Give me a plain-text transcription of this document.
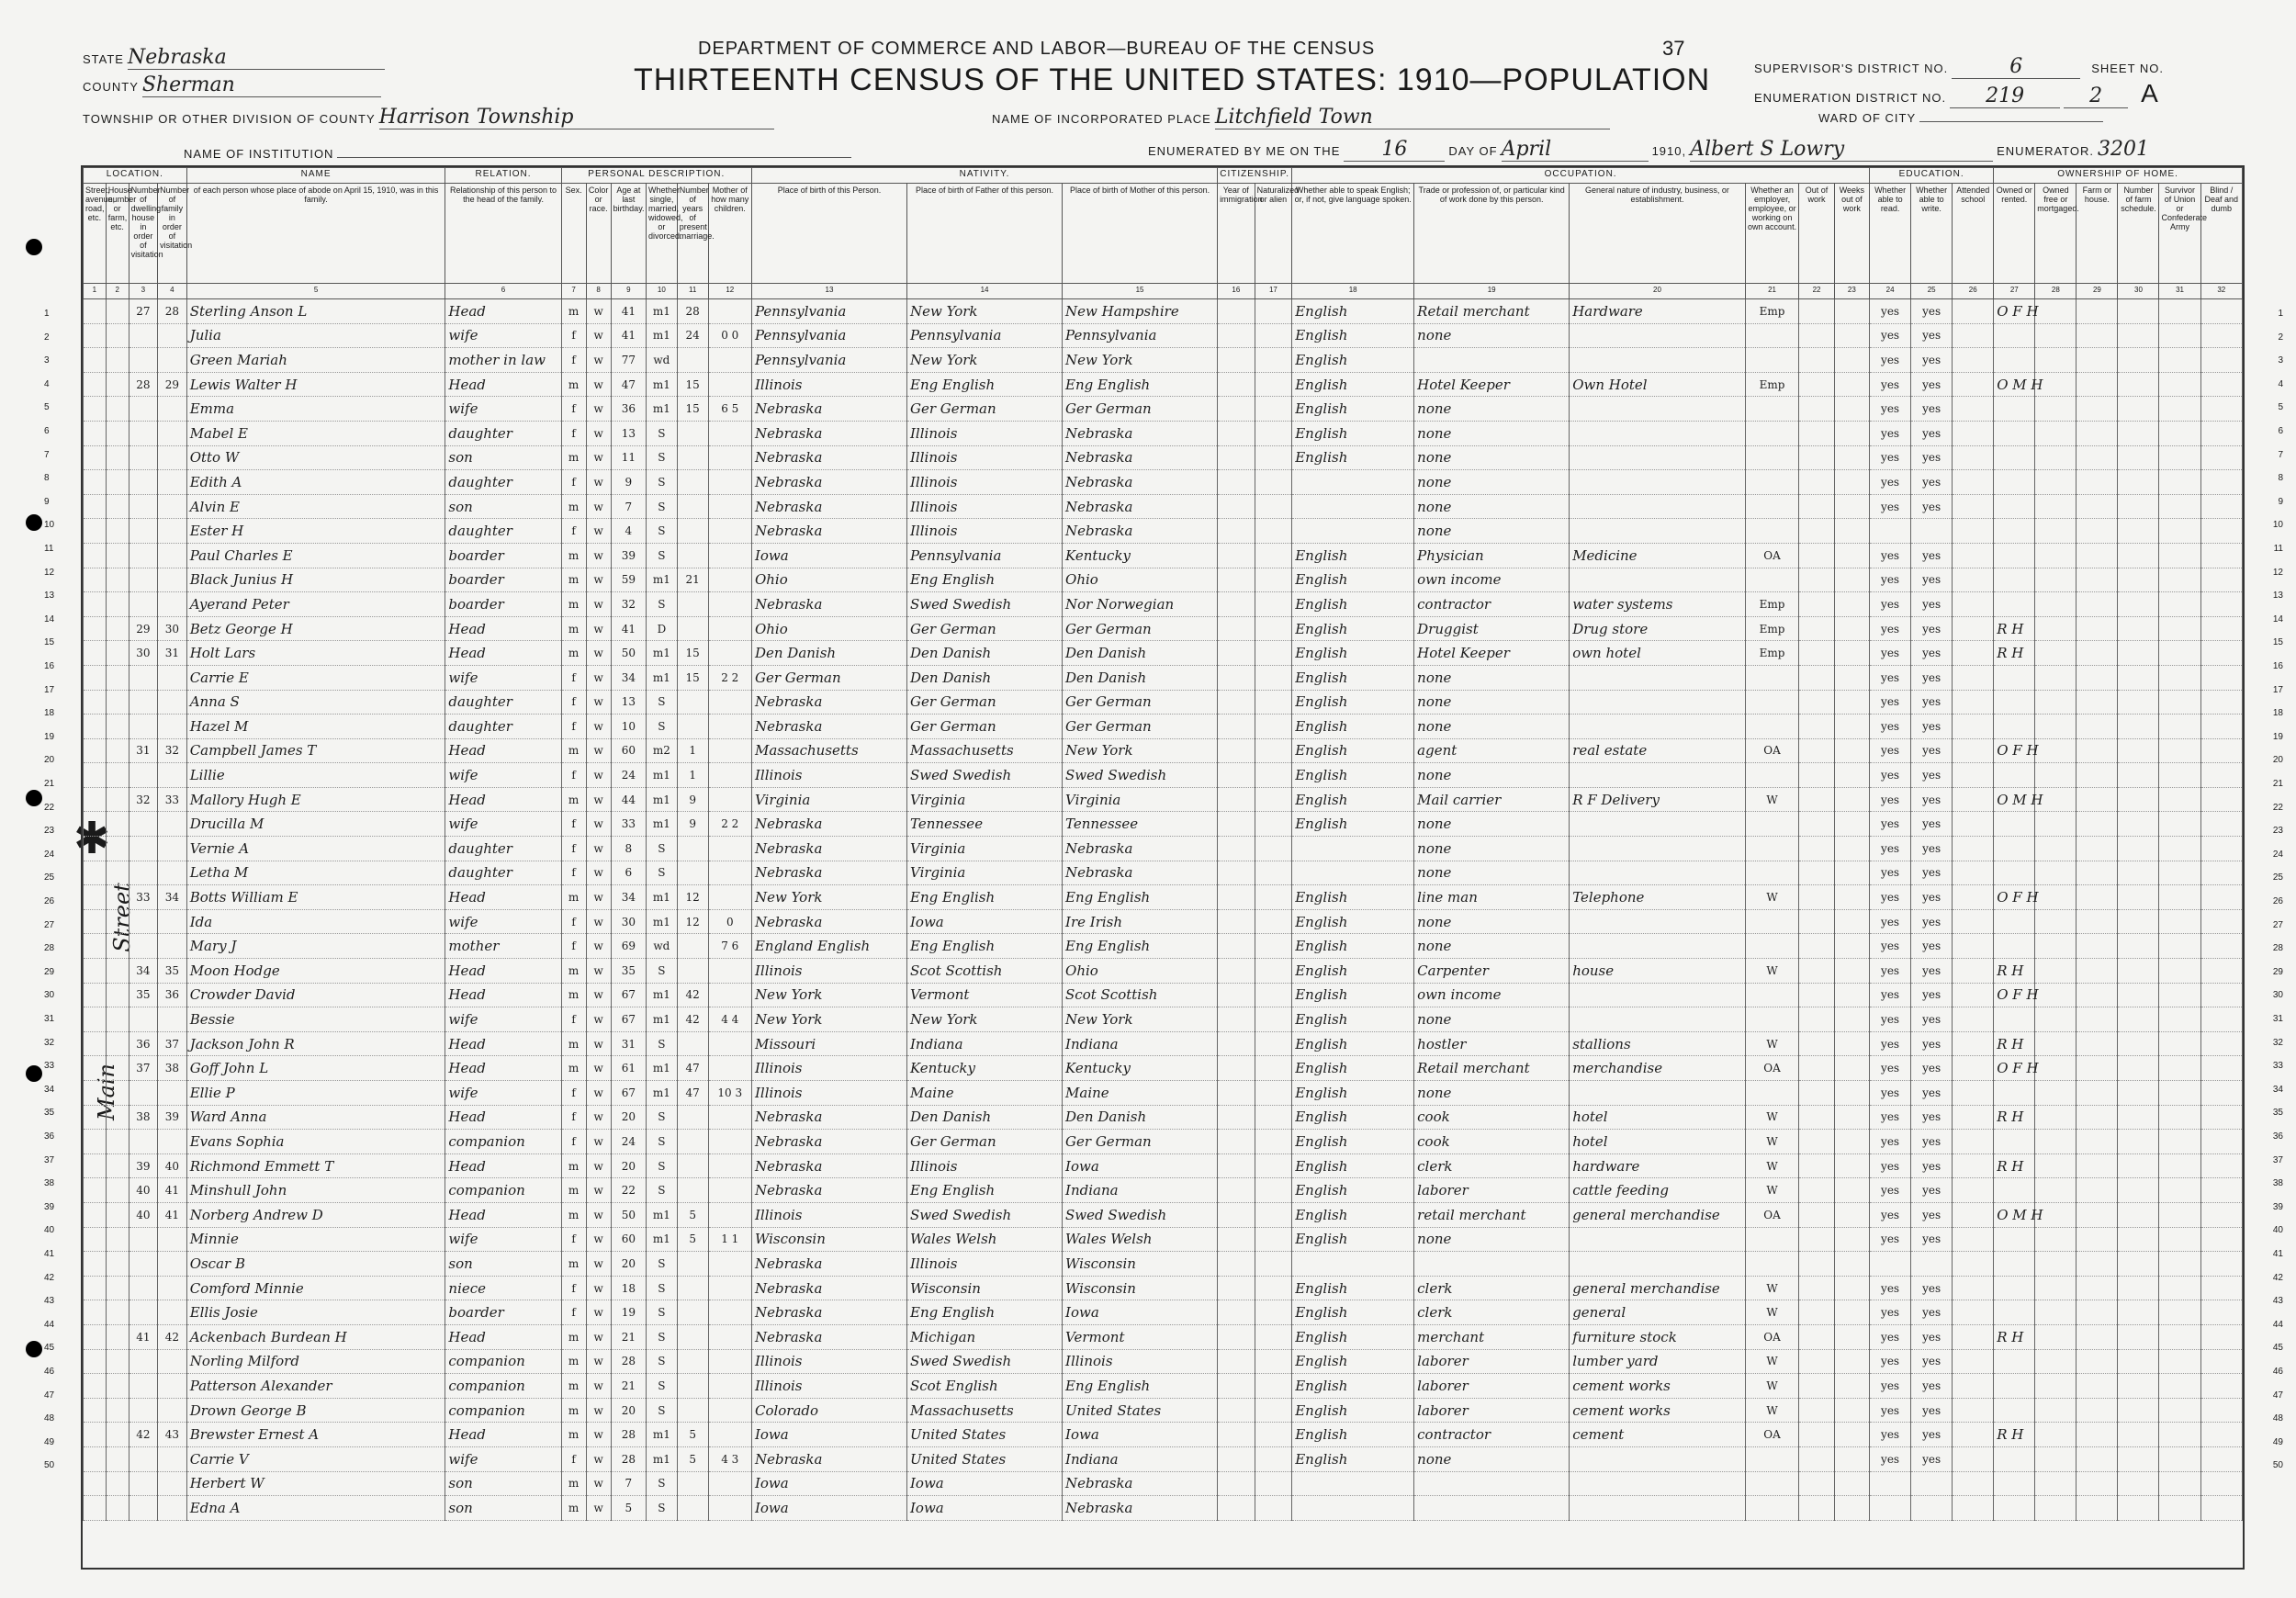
STATE Nebraska
COUNTY Sherman
TOWNSHIP OR OTHER DIVISION OF COUNTY Harrison Township
NAME OF INSTITUTION
DEPARTMENT OF COMMERCE AND LABOR—BUREAU OF THE CENSUS
THIRTEENTH CENSUS OF THE UNITED STATES: 1910—POPULATION
37
NAME OF INCORPORATED PLACE Litchfield Town
ENUMERATED BY ME ON THE 16	DAY OF April	1910, Albert S Lowry	ENUMERATOR. 3201
SUPERVISOR'S DISTRICT NO.	6	SHEET NO.
ENUMERATION DISTRICT NO. 219	2 A
WARD OF CITY
✱
Street
Main
LOCATION.				NAME	RELATION.	PERSONAL DESCRIPTION.						NATIVITY.			CITIZENSHIP.		OCCUPATION.						EDUCATION.			OWNERSHIP OF HOME.					
Street, avenue, road, etc.	House number or farm, etc.	Number of dwelling house in order of visitation	Number of family in order of visitation	of each person whose place of abode on April 15, 1910, was in this family.	Relationship of this person to the head of the family.	Sex.	Color or race.	Age at last birthday.	Whether single, married, widowed, or divorced.	Number of years of present marriage.	Mother of how many children.	Place of birth of this Person.	Place of birth of Father of this person.	Place of birth of Mother of this person.	Year of immigration	Naturalized or alien	Whether able to speak English; or, if not, give language spoken.	Trade or profession of, or particular kind of work done by this person.	General nature of industry, business, or establishment.	Whether an employer, employee, or working on own account.	Out of work	Weeks out of work	Whether able to read.	Whether able to write.	Attended school	Owned or rented.	Owned free or mortgaged.	Farm or house.	Number of farm schedule.	Survivor of Union or Confederate Army	Blind / Deaf and dumb
1	2	3	4	5	6	7	8	9	10	11	12	13	14	15	16	17	18	19	20	21	22	23	24	25	26	27	28	29	30	31	32
		27	28	Sterling Anson L	Head	m	w	41	m1	28		Pennsylvania	New York	New Hampshire			English	Retail merchant	Hardware	Emp			yes	yes		O F H					
				Julia	wife	f	w	41	m1	24	0 0	Pennsylvania	Pennsylvania	Pennsylvania			English	none					yes	yes							
				Green Mariah	mother in law	f	w	77	wd			Pennsylvania	New York	New York			English						yes	yes							
		28	29	Lewis Walter H	Head	m	w	47	m1	15		Illinois	Eng English	Eng English			English	Hotel Keeper	Own Hotel	Emp			yes	yes		O M H					
				Emma	wife	f	w	36	m1	15	6 5	Nebraska	Ger German	Ger German			English	none					yes	yes							
				Mabel E	daughter	f	w	13	S			Nebraska	Illinois	Nebraska			English	none					yes	yes							
				Otto W	son	m	w	11	S			Nebraska	Illinois	Nebraska			English	none					yes	yes							
				Edith A	daughter	f	w	9	S			Nebraska	Illinois	Nebraska				none					yes	yes							
				Alvin E	son	m	w	7	S			Nebraska	Illinois	Nebraska				none					yes	yes							
				Ester H	daughter	f	w	4	S			Nebraska	Illinois	Nebraska				none													
				Paul Charles E	boarder	m	w	39	S			Iowa	Pennsylvania	Kentucky			English	Physician	Medicine	OA			yes	yes							
				Black Junius H	boarder	m	w	59	m1	21		Ohio	Eng English	Ohio			English	own income					yes	yes							
				Ayerand Peter	boarder	m	w	32	S			Nebraska	Swed Swedish	Nor Norwegian			English	contractor	water systems	Emp			yes	yes							
		29	30	Betz George H	Head	m	w	41	D			Ohio	Ger German	Ger German			English	Druggist	Drug store	Emp			yes	yes		R H					
		30	31	Holt Lars	Head	m	w	50	m1	15		Den Danish	Den Danish	Den Danish			English	Hotel Keeper	own hotel	Emp			yes	yes		R H					
				Carrie E	wife	f	w	34	m1	15	2 2	Ger German	Den Danish	Den Danish			English	none					yes	yes							
				Anna S	daughter	f	w	13	S			Nebraska	Ger German	Ger German			English	none					yes	yes							
				Hazel M	daughter	f	w	10	S			Nebraska	Ger German	Ger German			English	none					yes	yes							
		31	32	Campbell James T	Head	m	w	60	m2	1		Massachusetts	Massachusetts	New York			English	agent	real estate	OA			yes	yes		O F H					
				Lillie	wife	f	w	24	m1	1		Illinois	Swed Swedish	Swed Swedish			English	none					yes	yes							
		32	33	Mallory Hugh E	Head	m	w	44	m1	9		Virginia	Virginia	Virginia			English	Mail carrier	R F Delivery	W			yes	yes		O M H					
				Drucilla M	wife	f	w	33	m1	9	2 2	Nebraska	Tennessee	Tennessee			English	none					yes	yes							
				Vernie A	daughter	f	w	8	S			Nebraska	Virginia	Nebraska				none					yes	yes							
				Letha M	daughter	f	w	6	S			Nebraska	Virginia	Nebraska				none					yes	yes							
		33	34	Botts William E	Head	m	w	34	m1	12		New York	Eng English	Eng English			English	line man	Telephone	W			yes	yes		O F H					
				Ida	wife	f	w	30	m1	12	0	Nebraska	Iowa	Ire Irish			English	none					yes	yes							
				Mary J	mother	f	w	69	wd		7 6	England English	Eng English	Eng English			English	none					yes	yes							
		34	35	Moon Hodge	Head	m	w	35	S			Illinois	Scot Scottish	Ohio			English	Carpenter	house	W			yes	yes		R H					
		35	36	Crowder David	Head	m	w	67	m1	42		New York	Vermont	Scot Scottish			English	own income					yes	yes		O F H					
				Bessie	wife	f	w	67	m1	42	4 4	New York	New York	New York			English	none					yes	yes							
		36	37	Jackson John R	Head	m	w	31	S			Missouri	Indiana	Indiana			English	hostler	stallions	W			yes	yes		R H					
		37	38	Goff John L	Head	m	w	61	m1	47		Illinois	Kentucky	Kentucky			English	Retail merchant	merchandise	OA			yes	yes		O F H					
				Ellie P	wife	f	w	67	m1	47	10 3	Illinois	Maine	Maine			English	none					yes	yes							
		38	39	Ward Anna	Head	f	w	20	S			Nebraska	Den Danish	Den Danish			English	cook	hotel	W			yes	yes		R H					
				Evans Sophia	companion	f	w	24	S			Nebraska	Ger German	Ger German			English	cook	hotel	W			yes	yes							
		39	40	Richmond Emmett T	Head	m	w	20	S			Nebraska	Illinois	Iowa			English	clerk	hardware	W			yes	yes		R H					
		40	41	Minshull John	companion	m	w	22	S			Nebraska	Eng English	Indiana			English	laborer	cattle feeding	W			yes	yes							
		40	41	Norberg Andrew D	Head	m	w	50	m1	5		Illinois	Swed Swedish	Swed Swedish			English	retail merchant	general merchandise	OA			yes	yes		O M H					
				Minnie	wife	f	w	60	m1	5	1 1	Wisconsin	Wales Welsh	Wales Welsh			English	none					yes	yes							
				Oscar B	son	m	w	20	S			Nebraska	Illinois	Wisconsin																	
				Comford Minnie	niece	f	w	18	S			Nebraska	Wisconsin	Wisconsin			English	clerk	general merchandise	W			yes	yes							
				Ellis Josie	boarder	f	w	19	S			Nebraska	Eng English	Iowa			English	clerk	general	W			yes	yes							
		41	42	Ackenbach Burdean H	Head	m	w	21	S			Nebraska	Michigan	Vermont			English	merchant	furniture stock	OA			yes	yes		R H					
				Norling Milford	companion	m	w	28	S			Illinois	Swed Swedish	Illinois			English	laborer	lumber yard	W			yes	yes							
				Patterson Alexander	companion	m	w	21	S			Illinois	Scot English	Eng English			English	laborer	cement works	W			yes	yes							
				Drown George B	companion	m	w	20	S			Colorado	Massachusetts	United States			English	laborer	cement works	W			yes	yes							
		42	43	Brewster Ernest A	Head	m	w	28	m1	5		Iowa	United States	Iowa			English	contractor	cement	OA			yes	yes		R H					
				Carrie V	wife	f	w	28	m1	5	4 3	Nebraska	United States	Indiana			English	none					yes	yes							
				Herbert W	son	m	w	7	S			Iowa	Iowa	Nebraska																	
				Edna A	son	m	w	5	S			Iowa	Iowa	Nebraska																	
1
1
2
2
3
3
4
4
5
5
6
6
7
7
8
8
9
9
10
10
11
11
12
12
13
13
14
14
15
15
16
16
17
17
18
18
19
19
20
20
21
21
22
22
23
23
24
24
25
25
26
26
27
27
28
28
29
29
30
30
31
31
32
32
33
33
34
34
35
35
36
36
37
37
38
38
39
39
40
40
41
41
42
42
43
43
44
44
45
45
46
46
47
47
48
48
49
49
50
50
